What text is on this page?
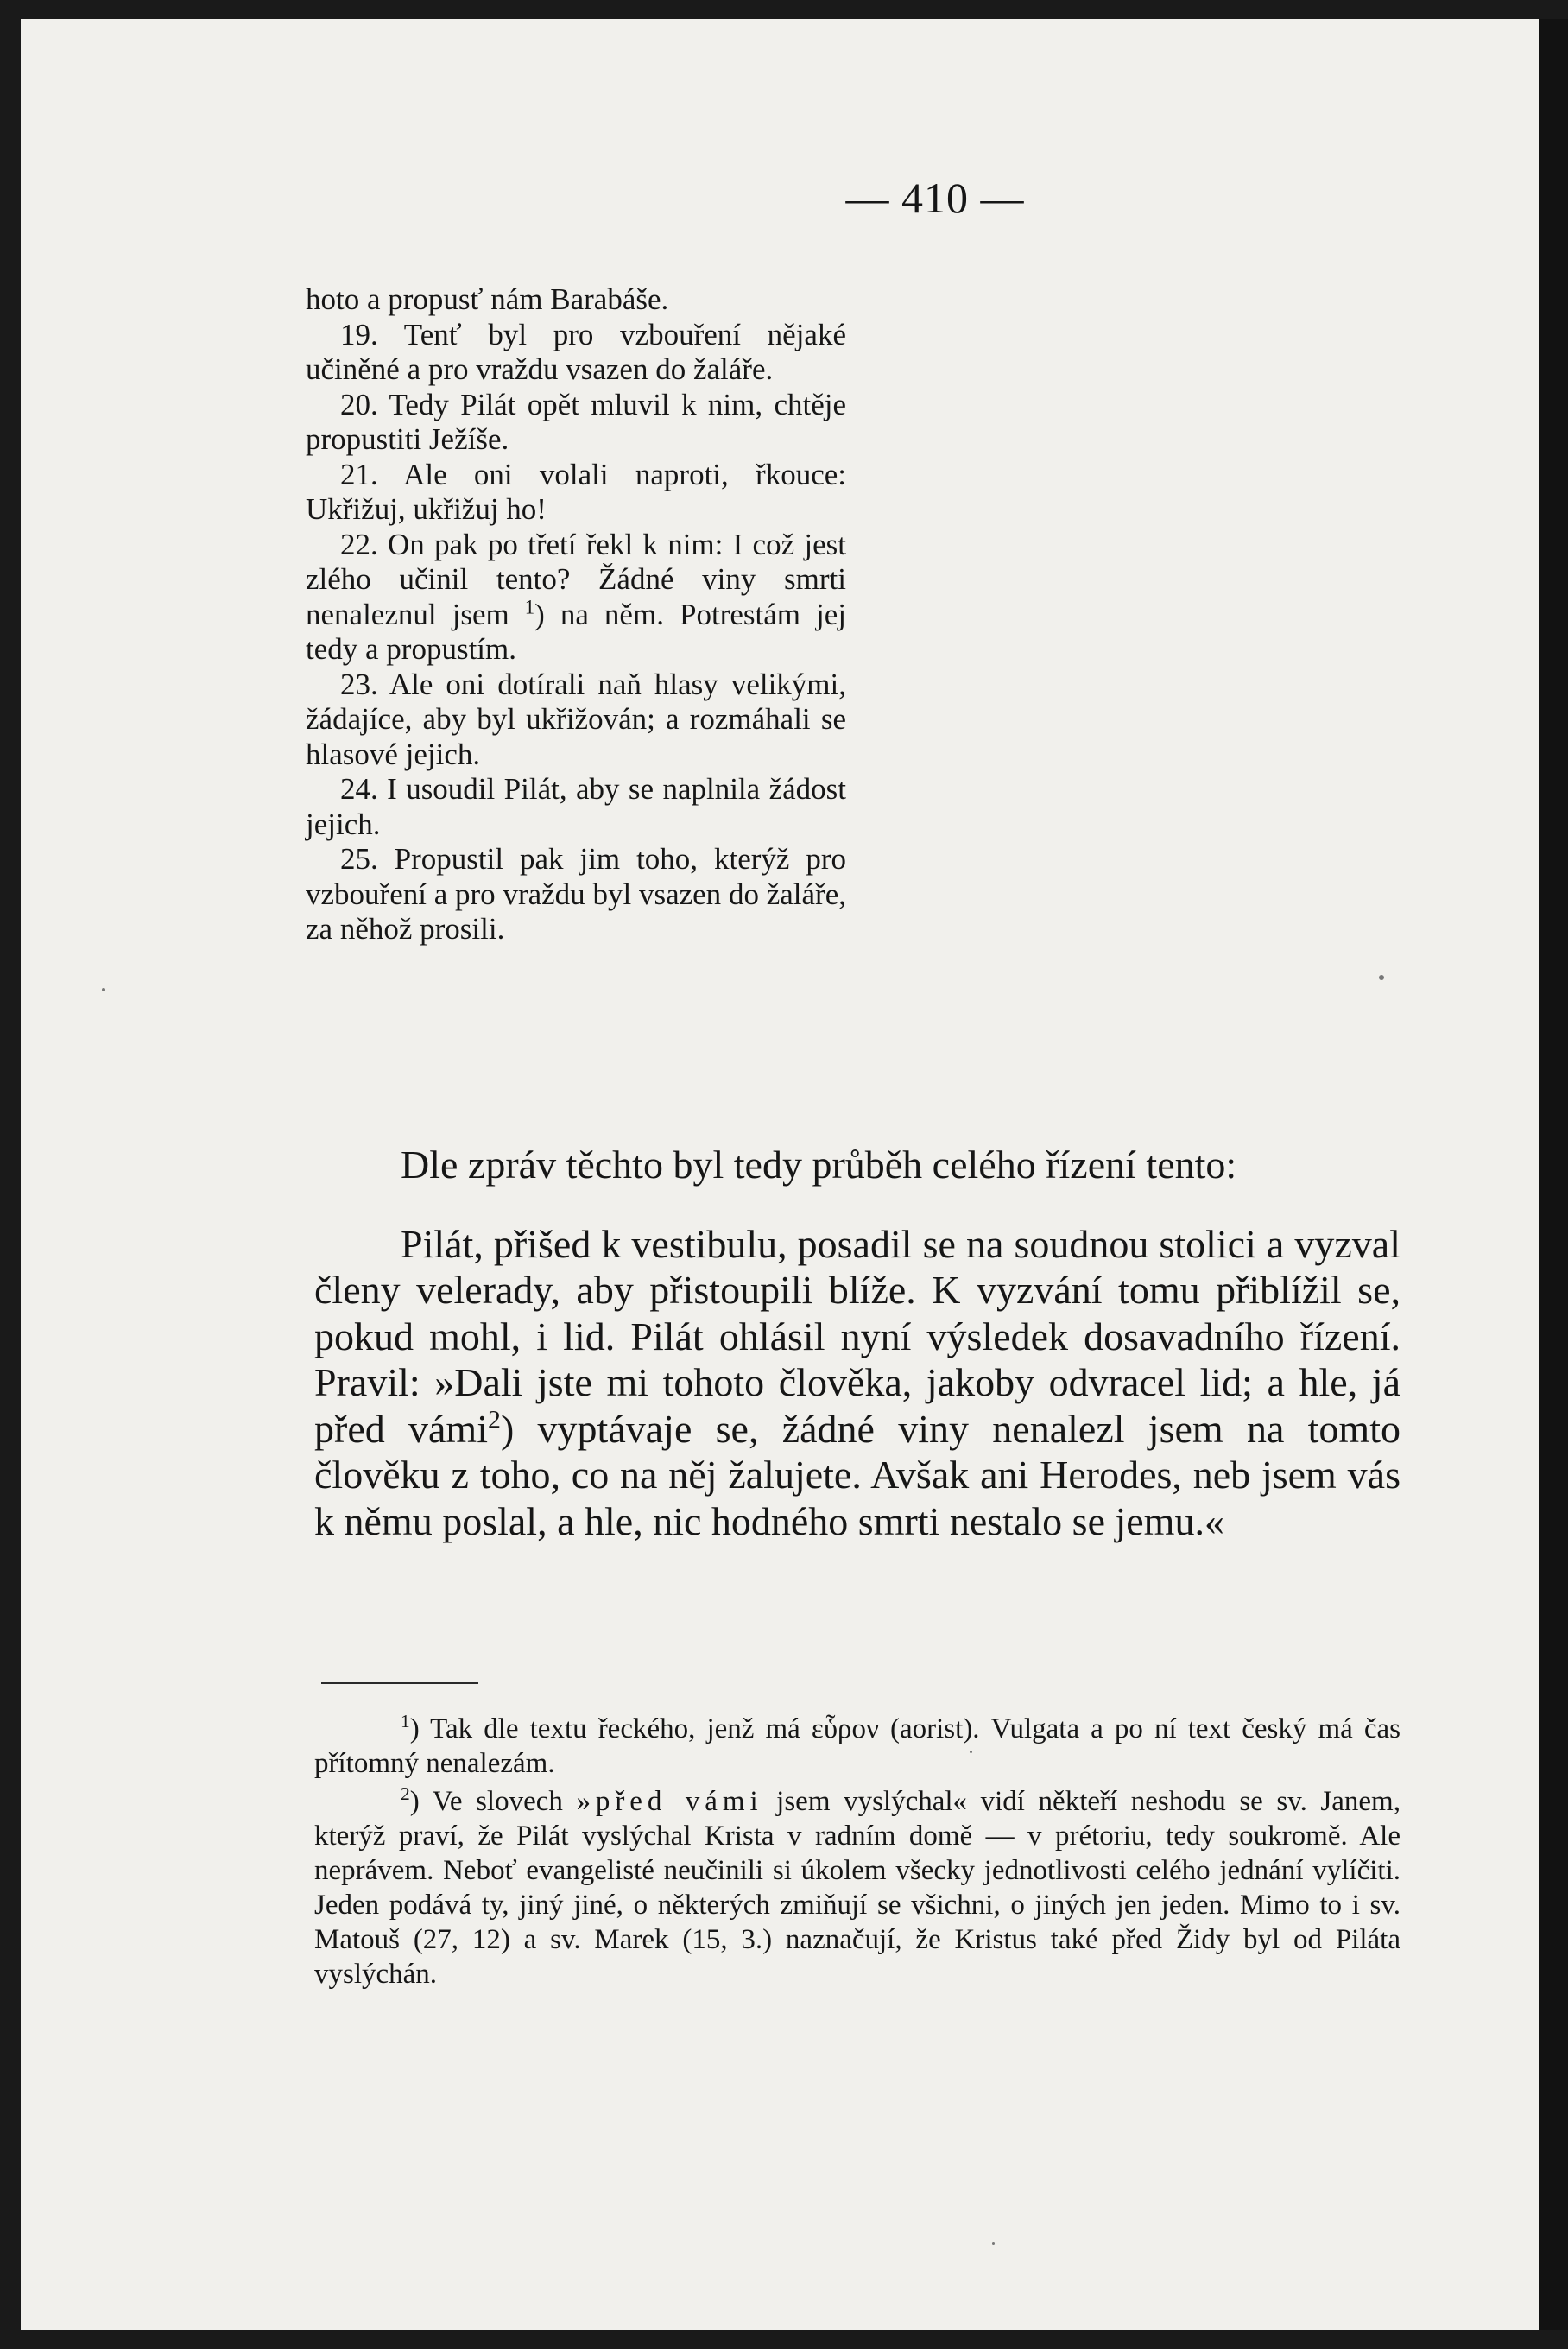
— 410 —

hoto a propusť nám Barabáše.

19. Tenť byl pro vzbouření nějaké učiněné a pro vraždu vsazen do žaláře.

20. Tedy Pilát opět mluvil k nim, chtěje propustiti Ježíše.

21. Ale oni volali naproti, řkouce: Ukřižuj, ukřižuj ho!

22. On pak po třetí řekl k nim: I což jest zlého učinil tento? Žádné viny smrti nenaleznul jsem $^1$) na něm. Potrestám jej tedy a propustím.

23. Ale oni dotírali naň hlasy velikými, žádajíce, aby byl ukřižován; a rozmáhali se hlasové jejich.

24. I usoudil Pilát, aby se naplnila žádost jejich.

25. Propustil pak jim toho, kterýž pro vzbouření a pro vraždu byl vsazen do žaláře, za něhož prosili.

Dle zpráv těchto byl tedy průběh celého řízení tento:

Pilát, přišed k vestibulu, posadil se na soudnou stolici a vyzval členy velerady, aby přistoupili blíže. K vyzvání tomu přiblížil se, pokud mohl, i lid. Pilát ohlásil nyní výsledek dosavadního řízení. Pravil: »Dali jste mi tohoto člověka, jakoby odvracel lid; a hle, já před vámi$^2$) vyptávaje se, žádné viny nenalezl jsem na tomto člověku z toho, co na něj žalujete. Avšak ani Herodes, neb jsem vás k němu poslal, a hle, nic hodného smrti nestalo se jemu.«

$^1$) Tak dle textu řeckého, jenž má εὗρον (aorist). Vulgata a po ní text český má čas přítomný nenalezám.

$^2$) Ve slovech »před vámi jsem vyslýchal« vidí někteří neshodu se sv. Janem, kterýž praví, že Pilát vyslýchal Krista v radním domě — v prétoriu, tedy soukromě. Ale neprávem. Neboť evangelisté neučinili si úkolem všecky jednotlivosti celého jednání vylíčiti. Jeden podává ty, jiný jiné, o některých zmiňují se všichni, o jiných jen jeden. Mimo to i sv. Matouš (27, 12) a sv. Marek (15, 3.) naznačují, že Kristus také před Židy byl od Piláta vyslýchán.
